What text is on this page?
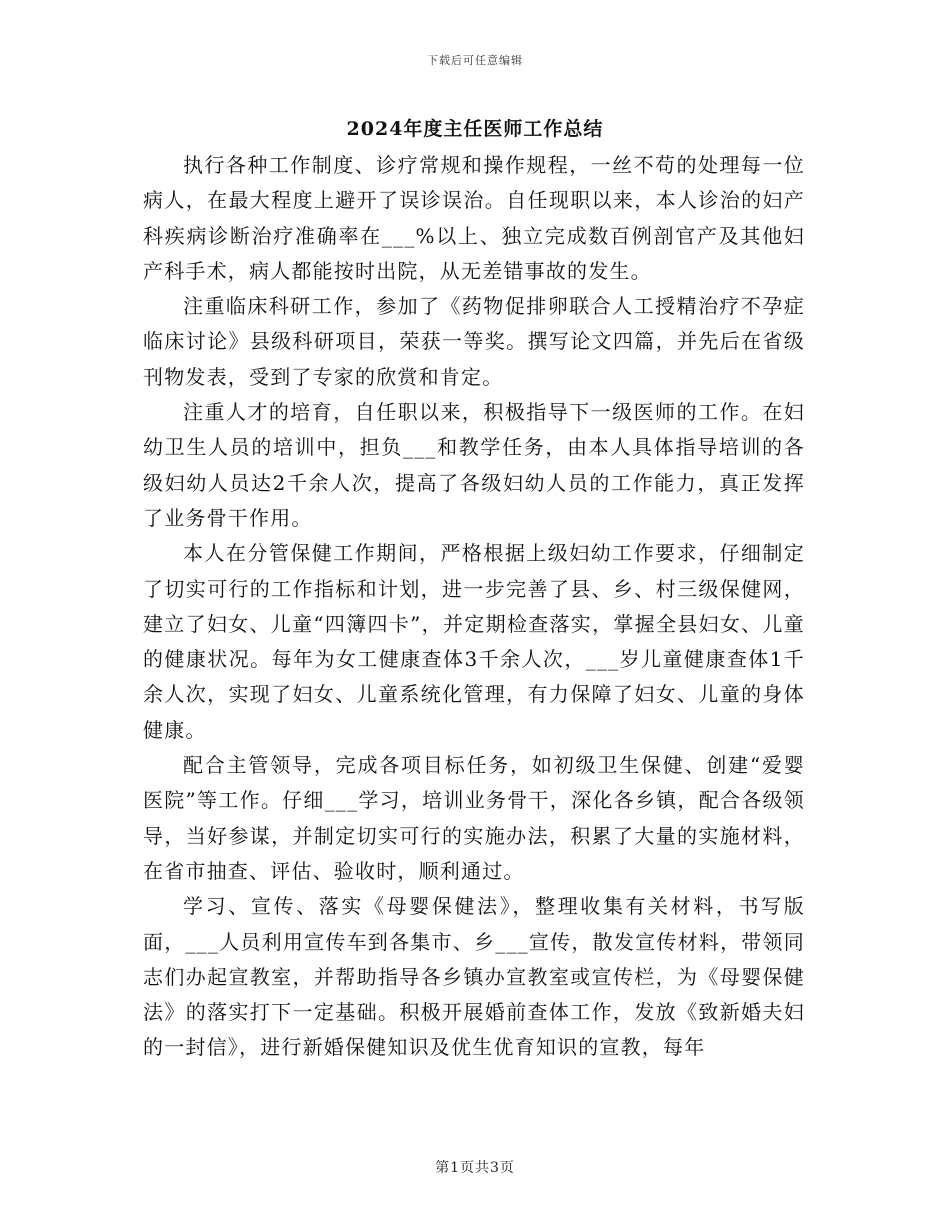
下载后可任意编辑
2024年度主任医师工作总结

执行各种工作制度、诊疗常规和操作规程，一丝不苟的处理每一位病人，在最大程度上避开了误诊误治。自任现职以来，本人诊治的妇产科疾病诊断治疗准确率在___%以上、独立完成数百例剖官产及其他妇产科手术，病人都能按时出院，从无差错事故的发生。

注重临床科研工作，参加了《药物促排卵联合人工授精治疗不孕症临床讨论》县级科研项目，荣获一等奖。撰写论文四篇，并先后在省级刊物发表，受到了专家的欣赏和肯定。

注重人才的培育，自任职以来，积极指导下一级医师的工作。在妇幼卫生人员的培训中，担负___和教学任务，由本人具体指导培训的各级妇幼人员达2千余人次，提高了各级妇幼人员的工作能力，真正发挥了业务骨干作用。

本人在分管保健工作期间，严格根据上级妇幼工作要求，仔细制定了切实可行的工作指标和计划，进一步完善了县、乡、村三级保健网，建立了妇女、儿童“四簿四卡”，并定期检查落实，掌握全县妇女、儿童的健康状况。每年为女工健康查体3千余人次，___岁儿童健康查体1千余人次，实现了妇女、儿童系统化管理，有力保障了妇女、儿童的身体健康。

配合主管领导，完成各项目标任务，如初级卫生保健、创建“爱婴医院”等工作。仔细___学习，培训业务骨干，深化各乡镇，配合各级领导，当好参谋，并制定切实可行的实施办法，积累了大量的实施材料，在省市抽查、评估、验收时，顺利通过。

学习、宣传、落实《母婴保健法》，整理收集有关材料，书写版面，___人员利用宣传车到各集市、乡___宣传，散发宣传材料，带领同志们办起宣教室，并帮助指导各乡镇办宣教室或宣传栏，为《母婴保健法》的落实打下一定基础。积极开展婚前查体工作，发放《致新婚夫妇的一封信》，进行新婚保健知识及优生优育知识的宣教，每年

第1页共3页
